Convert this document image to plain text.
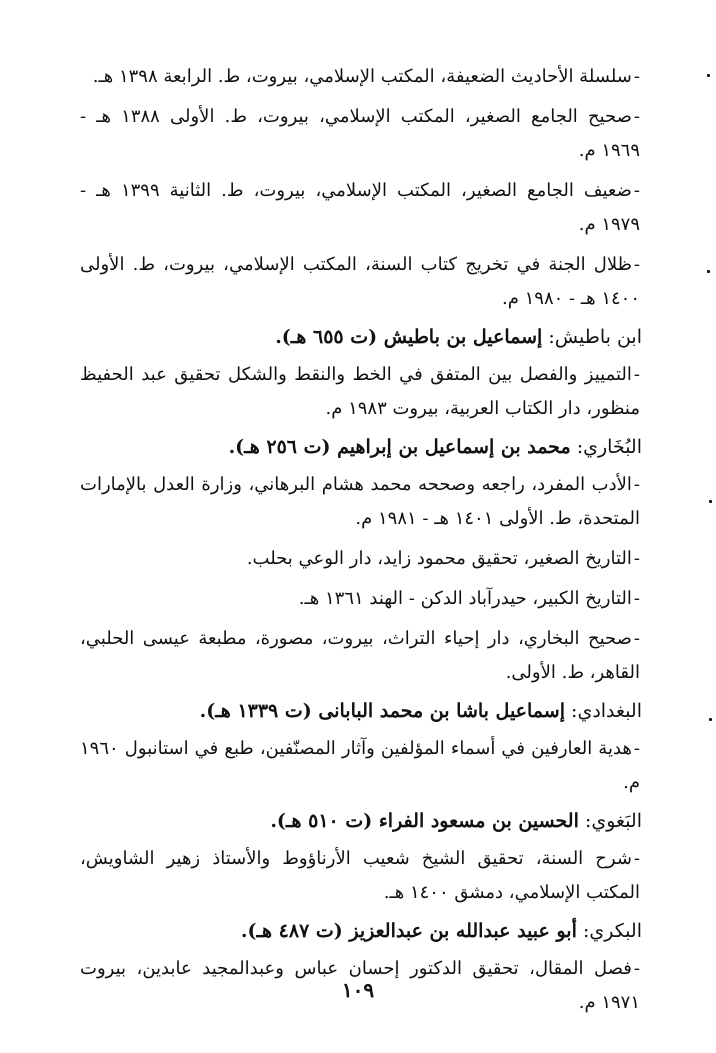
-سلسلة الأحاديث الضعيفة، المكتب الإسلامي، بيروت، ط. الرابعة ١٣٩٨ هـ.
-صحيح الجامع الصغير، المكتب الإسلامي، بيروت، ط. الأولى ١٣٨٨ هـ - ١٩٦٩ م.
-ضعيف الجامع الصغير، المكتب الإسلامي، بيروت، ط. الثانية ١٣٩٩ هـ - ١٩٧٩ م.
-ظلال الجنة في تخريج كتاب السنة، المكتب الإسلامي، بيروت، ط. الأولى ١٤٠٠ هـ - ١٩٨٠ م.
ابن باطيش: إسماعيل بن باطيش (ت ٦٥٥ هـ).
-التمييز والفصل بين المتفق في الخط والنقط والشكل تحقيق عبد الحفيظ منظور، دار الكتاب العربية، بيروت ١٩٨٣ م.
البُخَاري: محمد بن إسماعيل بن إبراهيم (ت ٢٥٦ هـ).
-الأدب المفرد، راجعه وصححه محمد هشام البرهاني، وزارة العدل بالإمارات المتحدة، ط. الأولى ١٤٠١ هـ - ١٩٨١ م.
-التاريخ الصغير، تحقيق محمود زايد، دار الوعي بحلب.
-التاريخ الكبير، حيدرآباد الدكن - الهند ١٣٦١ هـ.
-صحيح البخاري، دار إحياء التراث، بيروت، مصورة، مطبعة عيسى الحلبي، القاهر، ط. الأولى.
البغدادي: إسماعيل باشا بن محمد البابانى (ت ١٣٣٩ هـ).
-هدية العارفين في أسماء المؤلفين وآثار المصنّفين، طبع في استانبول ١٩٦٠ م.
البَغوي: الحسين بن مسعود الفراء (ت ٥١٠ هـ).
-شرح السنة، تحقيق الشيخ شعيب الأرناؤوط والأستاذ زهير الشاويش، المكتب الإسلامي، دمشق ١٤٠٠ هـ.
البكري: أبو عبيد عبدالله بن عبدالعزيز (ت ٤٨٧ هـ).
-فصل المقال، تحقيق الدكتور إحسان عباس وعبدالمجيد عابدين، بيروت ١٩٧١ م.
١٠٩
